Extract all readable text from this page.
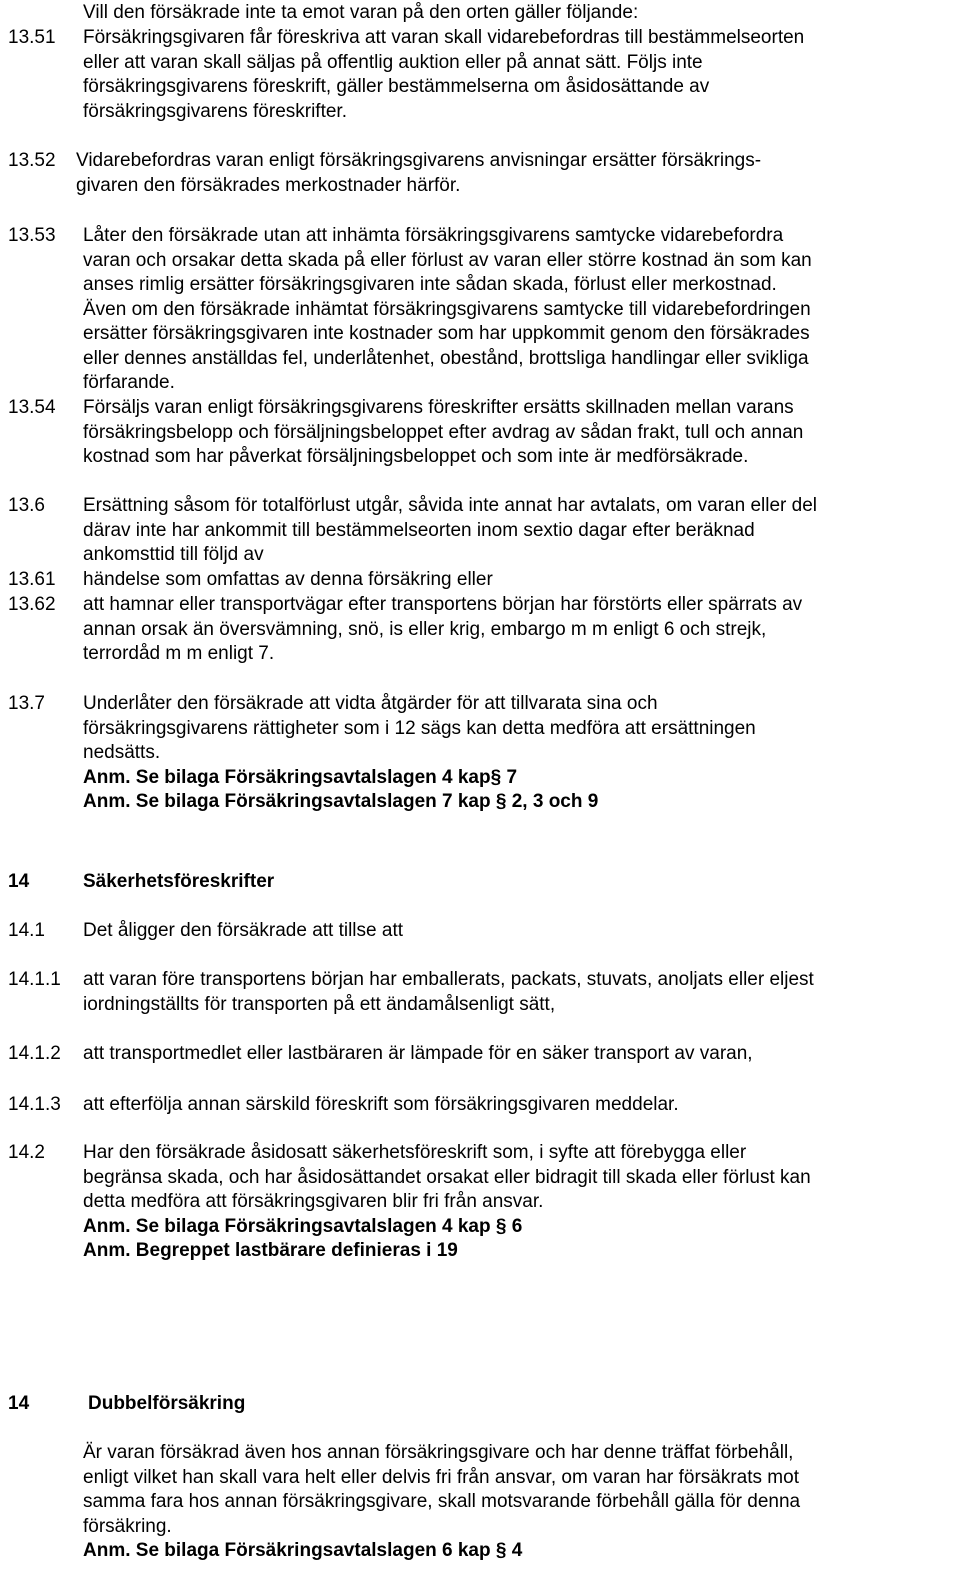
Vill den försäkrade inte ta emot varan på den orten gäller följande:
13.51	Försäkringsgivaren får föreskriva att varan skall vidarebefordras till bestämmelseorten
eller att varan skall säljas på offentlig auktion eller på annat sätt. Följs inte
försäkringsgivarens föreskrift, gäller bestämmelserna om åsidosättande av
försäkringsgivarens föreskrifter.
13.52	Vidarebefordras varan enligt försäkringsgivarens anvisningar ersätter försäkrings-
givaren den försäkrades merkostnader härför.
13.53	Låter den försäkrade utan att inhämta försäkringsgivarens samtycke vidarebefordra
varan och orsakar detta skada på eller förlust av varan eller större kostnad än som kan
anses rimlig ersätter försäkringsgivaren inte sådan skada, förlust eller merkostnad.
Även om den försäkrade inhämtat försäkringsgivarens samtycke till vidarebefordringen
ersätter försäkringsgivaren inte kostnader som har uppkommit genom den försäkrades
eller dennes anställdas fel, underlåtenhet, obestånd, brottsliga handlingar eller svikliga
förfarande.
13.54	Försäljs varan enligt försäkringsgivarens föreskrifter ersätts skillnaden mellan varans
försäkringsbelopp och försäljningsbeloppet efter avdrag av sådan frakt, tull och annan
kostnad som har påverkat försäljningsbeloppet och som inte är medförsäkrade.
13.6	Ersättning såsom för totalförlust utgår, såvida inte annat har avtalats, om varan eller del
därav inte har ankommit till bestämmelseorten inom sextio dagar efter beräknad
ankomsttid till följd av
13.61	händelse som omfattas av denna försäkring eller
13.62	att hamnar eller transportvägar efter transportens början har förstörts eller spärrats av
annan orsak än översvämning, snö, is eller krig, embargo m m enligt 6 och strejk,
terrordåd m m enligt 7.
13.7	Underlåter den försäkrade att vidta åtgärder för att tillvarata sina och
försäkringsgivarens rättigheter som i 12 sägs kan detta medföra att ersättningen
nedsätts.
Anm. Se bilaga Försäkringsavtalslagen 4 kap§ 7
Anm. Se bilaga Försäkringsavtalslagen 7 kap § 2, 3 och 9
14	Säkerhetsföreskrifter
14.1	Det åligger den försäkrade att tillse att
14.1.1	att varan före transportens början har emballerats, packats, stuvats, anoljats eller eljest
iordningställts för transporten på ett ändamålsenligt sätt,
14.1.2	att transportmedlet eller lastbäraren är lämpade för en säker transport av varan,
14.1.3	att efterfölja annan särskild föreskrift som försäkringsgivaren meddelar.
14.2	Har den försäkrade åsidosatt säkerhetsföreskrift som, i syfte att förebygga eller
begränsa skada, och har åsidosättandet orsakat eller bidragit till skada eller förlust kan
detta medföra att försäkringsgivaren blir fri från ansvar.
Anm. Se bilaga Försäkringsavtalslagen 4 kap § 6
Anm. Begreppet lastbärare definieras i 19
14	Dubbelförsäkring
Är varan försäkrad även hos annan försäkringsgivare och har denne träffat förbehåll,
enligt vilket han skall vara helt eller delvis fri från ansvar, om varan har försäkrats mot
samma fara hos annan försäkringsgivare, skall motsvarande förbehåll gälla för denna
försäkring.
Anm. Se bilaga Försäkringsavtalslagen 6 kap § 4
